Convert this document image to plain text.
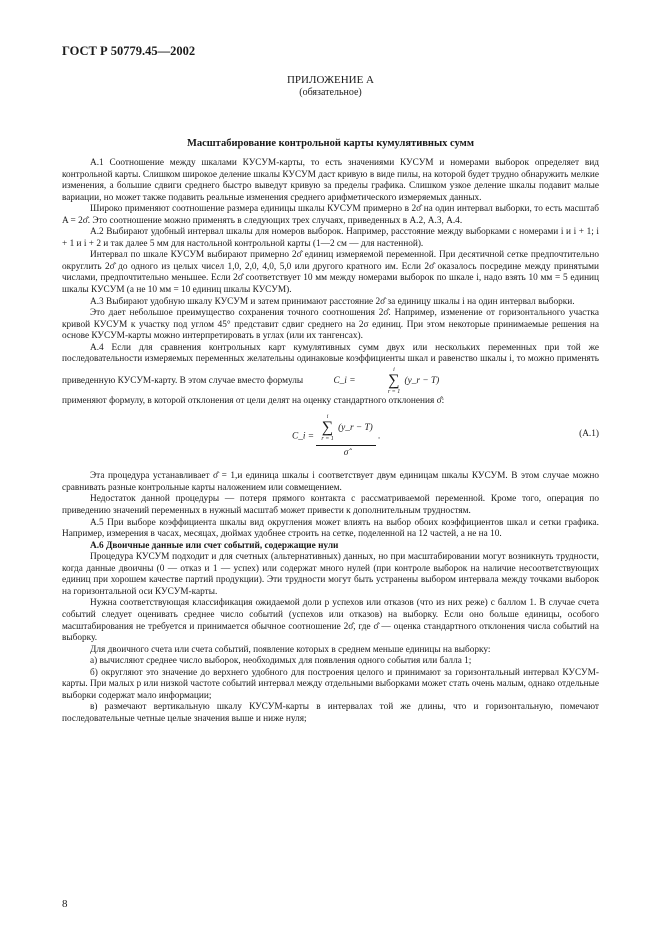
ГОСТ Р 50779.45—2002
ПРИЛОЖЕНИЕ А
(обязательное)
Масштабирование контрольной карты кумулятивных сумм

А.1 Соотношение между шкалами КУСУМ-карты, то есть значениями КУСУМ и номерами выборок определяет вид контрольной карты. Слишком широкое деление шкалы КУСУМ даст кривую в виде пилы, на которой будет трудно обнаружить мелкие изменения, а большие сдвиги среднего быстро выведут кривую за пределы графика. Слишком узкое деление шкалы подавит малые вариации, но может также подавить реальные изменения среднего арифметического измеряемых данных.

Широко применяют соотношение размера единицы шкалы КУСУМ примерно в 2σ̂ на один интервал выборки, то есть масштаб A = 2σ̂. Это соотношение можно применять в следующих трех случаях, приведенных в А.2, А.3, А.4.

А.2 Выбирают удобный интервал шкалы для номеров выборок. Например, расстояние между выборками с номерами i и i + 1; i + 1 и i + 2 и так далее 5 мм для настольной контрольной карты (1—2 см — для настенной).

Интервал по шкале КУСУМ выбирают примерно 2σ̂ единиц измеряемой переменной. При десятичной сетке предпочтительно округлить 2σ̂ до одного из целых чисел 1,0, 2,0, 4,0, 5,0 или другого кратного им. Если 2σ̂ оказалось посредине между принятыми числами, предпочтительно меньшее. Если 2σ̂ соответствует 10 мм между номерами выборок по шкале i, надо взять 10 мм = 5 единиц шкалы КУСУМ (а не 10 мм = 10 единиц шкалы КУСУМ).

А.3 Выбирают удобную шкалу КУСУМ и затем принимают расстояние 2σ̂ за единицу шкалы i на один интервал выборки.

Это дает небольшое преимущество сохранения точного соотношения 2σ̂. Например, изменение от горизонтального участка кривой КУСУМ к участку под углом 45° представит сдвиг среднего на 2σ единиц. При этом некоторые принимаемые решения на основе КУСУМ-карты можно интерпретировать в углах (или их тангенсах).

А.4 Если для сравнения контрольных карт кумулятивных сумм двух или нескольких переменных при той же последовательности измеряемых переменных желательны одинаковые коэффициенты шкал и равенство шкалы i, то можно применять приведенную КУСУМ-карту. В этом случае вместо формулы	C_i =
i
∑
r = 1
(y_r − T)

применяют формулу, в которой отклонения от цели делят на оценку стандартного отклонения σ̂:

C_i =
i
∑
r = 1
(y_r − T)
σ̂
.	(А.1)

Эта процедура устанавливает σ̂ = 1,и единица шкалы i соответствует двум единицам шкалы КУСУМ. В этом случае можно сравнивать разные контрольные карты наложением или совмещением.

Недостаток данной процедуры — потеря прямого контакта с рассматриваемой переменной. Кроме того, операция по приведению значений переменных в нужный масштаб может привести к дополнительным трудностям.

А.5 При выборе коэффициента шкалы вид округления может влиять на выбор обоих коэффициентов шкал и сетки графика. Например, измерения в часах, месяцах, дюймах удобнее строить на сетке, поделенной на 12 частей, а не на 10.

А.6 Двоичные данные или счет событий, содержащие нули

Процедура КУСУМ подходит и для счетных (альтернативных) данных, но при масштабировании могут возникнуть трудности, когда данные двоичны (0 — отказ и 1 — успех) или содержат много нулей (при контроле выборок на наличие несоответствующих единиц при хорошем качестве партий продукции). Эти трудности могут быть устранены выбором интервала между точками выборок на горизонтальной оси КУСУМ-карты.

Нужна соответствующая классификация ожидаемой доли p успехов или отказов (что из них реже) с баллом 1. В случае счета событий следует оценивать среднее число событий (успехов или отказов) на выборку. Если оно больше единицы, особого масштабирования не требуется и принимается обычное соотношение 2σ̂, где σ̂ — оценка стандартного отклонения числа событий на выборку.

Для двоичного счета или счета событий, появление которых в среднем меньше единицы на выборку:

а) вычисляют среднее число выборок, необходимых для появления одного события или балла 1;

б) округляют это значение до верхнего удобного для построения целого и принимают за горизонтальный интервал КУСУМ-карты. При малых p или низкой частоте событий интервал между отдельными выборками может стать очень малым, однако отдельные выборки содержат мало информации;

в) размечают вертикальную шкалу КУСУМ-карты в интервалах той же длины, что и горизонтальную, помечают последовательные четные целые значения выше и ниже нуля;

8
